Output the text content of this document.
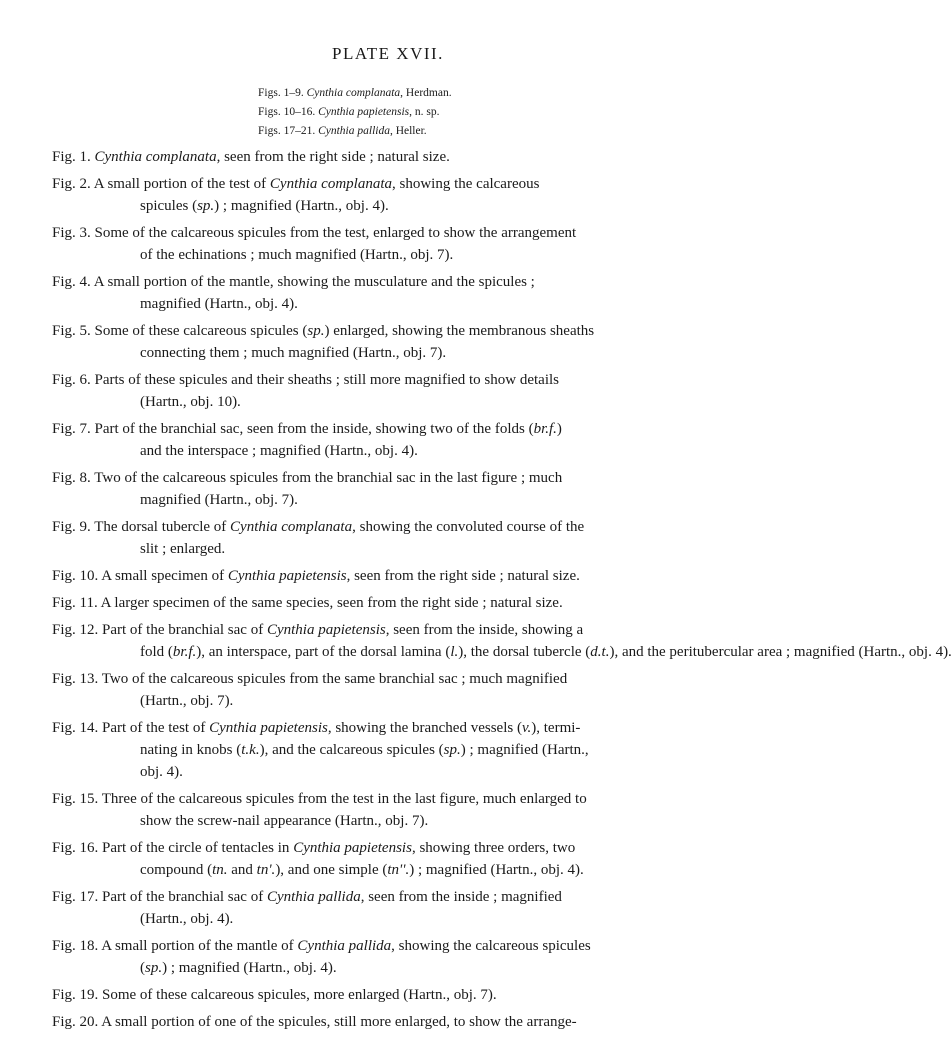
PLATE XVII.
Figs. 1–9. Cynthia complanata, Herdman.
Figs. 10–16. Cynthia papietensis, n. sp.
Figs. 17–21. Cynthia pallida, Heller.
Fig. 1. Cynthia complanata, seen from the right side ; natural size.
Fig. 2. A small portion of the test of Cynthia complanata, showing the calcareous
spicules (sp.) ; magnified (Hartn., obj. 4).
Fig. 3. Some of the calcareous spicules from the test, enlarged to show the arrangement
of the echinations ; much magnified (Hartn., obj. 7).
Fig. 4. A small portion of the mantle, showing the musculature and the spicules ;
magnified (Hartn., obj. 4).
Fig. 5. Some of these calcareous spicules (sp.) enlarged, showing the membranous sheaths
connecting them ; much magnified (Hartn., obj. 7).
Fig. 6. Parts of these spicules and their sheaths ; still more magnified to show details
(Hartn., obj. 10).
Fig. 7. Part of the branchial sac, seen from the inside, showing two of the folds (br.f.)
and the interspace ; magnified (Hartn., obj. 4).
Fig. 8. Two of the calcareous spicules from the branchial sac in the last figure ; much
magnified (Hartn., obj. 7).
Fig. 9. The dorsal tubercle of Cynthia complanata, showing the convoluted course of the
slit ; enlarged.
Fig. 10. A small specimen of Cynthia papietensis, seen from the right side ; natural size.
Fig. 11. A larger specimen of the same species, seen from the right side ; natural size.
Fig. 12. Part of the branchial sac of Cynthia papietensis, seen from the inside, showing a
fold (br.f.), an interspace, part of the dorsal lamina (l.), the dorsal tubercle (d.t.), and the peritubercular area ; magnified (Hartn., obj. 4).
Fig. 13. Two of the calcareous spicules from the same branchial sac ; much magnified
(Hartn., obj. 7).
Fig. 14. Part of the test of Cynthia papietensis, showing the branched vessels (v.), termi-
nating in knobs (t.k.), and the calcareous spicules (sp.) ; magnified (Hartn.,
obj. 4).
Fig. 15. Three of the calcareous spicules from the test in the last figure, much enlarged to
show the screw-nail appearance (Hartn., obj. 7).
Fig. 16. Part of the circle of tentacles in Cynthia papietensis, showing three orders, two
compound (tn. and tn'.), and one simple (tn''.) ; magnified (Hartn., obj. 4).
Fig. 17. Part of the branchial sac of Cynthia pallida, seen from the inside ; magnified
(Hartn., obj. 4).
Fig. 18. A small portion of the mantle of Cynthia pallida, showing the calcareous spicules
(sp.) ; magnified (Hartn., obj. 4).
Fig. 19. Some of these calcareous spicules, more enlarged (Hartn., obj. 7).
Fig. 20. A small portion of one of the spicules, still more enlarged, to show the arrange-
